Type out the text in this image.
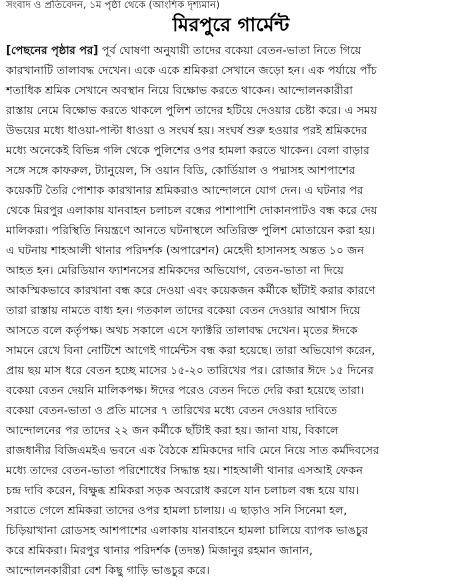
সংবাদ ও প্রতিবেদন, ১ম পৃষ্ঠা থেকে (আংশিক দৃশ্যমান)
মিরপুরে গার্মেন্ট
[পেছনের পৃষ্ঠার পর] পূর্ব ঘোষণা অনুযায়ী তাদের বকেয়া বেতন-ভাতা নিতে গিয়ে
কারখানাটি তালাবদ্ধ দেখেন। একে একে শ্রমিকরা সেখানে জড়ো হন। এক পর্যায়ে পাঁচ
শতাধিক শ্রমিক সেখানে অবস্থান নিয়ে বিক্ষোভ করতে থাকেন। আন্দোলনকারীরা
রাস্তায় নেমে বিক্ষোভ করতে থাকলে পুলিশ তাদের হটিয়ে দেওয়ার চেষ্টা করে। এ সময়
উভয়ের মধ্যে ধাওয়া-পাল্টা ধাওয়া ও সংঘর্ষ হয়। সংঘর্ষ শুরু হওয়ার পরই শ্রমিকদের
মধ্যে অনেকেই বিভিন্ন গলি থেকে পুলিশের ওপর হামলা করতে থাকেন। বেলা বাড়ার
সঙ্গে সঙ্গে কাফরুল, ট্যানুয়েল, সি ওয়ান বিডি, কোর্ডিয়াল ও পদ্মাসহ আশপাশের
কয়েকটি তৈরি পোশাক কারখানার শ্রমিকরাও আন্দোলনে যোগ দেন। এ ঘটনার পর
থেকে মিরপুর এলাকায় যানবাহন চলাচল বন্ধের পাশাপাশি দোকানপাটও বন্ধ করে দেয়
মালিকরা। পরিস্থিতি নিয়ন্ত্রণে আনতে ঘটনাস্থলে অতিরিক্ত পুলিশ মোতায়েন করা হয়।
এ ঘটনায় শাহআলী থানার পরিদর্শক (অপারেশন) মেহেদী হাসানসহ অন্তত ১০ জন
আহত হন। মেরিডিয়ান ফ্যাশনসের শ্রমিকদের অভিযোগ, বেতন-ভাতা না দিয়ে
আকস্মিকভাবে কারখানা বন্ধ করে দেওয়া এবং কয়েকজন কর্মীকে ছাঁটাই করার কারণে
তারা রাস্তায় নামতে বাধ্য হন। গতকাল তাদের বকেয়া বেতন দেওয়ার আশ্বাস দিয়ে
আসতে বলে কর্তৃপক্ষ। অথচ সকালে এসে ফ্যাক্টরি তালাবদ্ধ দেখেন। মৃতের ঈদকে
সামনে রেখে বিনা নোটিশে আগেই গার্মেন্টস বন্ধ করা হয়েছে। তারা অভিযোগ করেন,
প্রায় ছয় মাস ধরে বেতন হচ্ছে মাসের ১৫-২০ তারিখের পর। রোজার ঈদে ১৫ দিনের
বকেয়া বেতন দেয়নি মালিকপক্ষ। ঈদের পরেও বেতন দিতে দেরি করা হয়েছে তারা।
বকেয়া বেতন-ভাতা ও প্রতি মাসের ৭ তারিখের মধ্যে বেতন দেওয়ার দাবিতে
আন্দোলনের পর তাদের ২২ জন কর্মীকে ছাঁটাই করা হয়। জানা যায়, বিকালে
রাজধানীর বিজিএমইএ ভবনে এক বৈঠকে শ্রমিকদের দাবি মেনে নিয়ে সাত কর্মদিবসের
মধ্যে তাদের বেতন-ভাতা পরিশোধের সিদ্ধান্ত হয়। শাহআলী থানার এসআই ফেকন
চন্দ্র দাবি করেন, বিক্ষুব্ধ শ্রমিকরা সড়ক অবরোধ করলে যান চলাচল বন্ধ হয়ে যায়।
সরাতে গেলে শ্রমিকরা তাদের ওপর হামলা চালায়। এ ছাড়াও সনি সিনেমা হল,
চিড়িয়াখানা রোডসহ আশপাশের এলাকায় যানবাহনে হামলা চালিয়ে ব্যাপক ভাঙচুর
করে শ্রমিকরা। মিরপুর থানার পরিদর্শক (তদন্ত) মিজানুর রহমান জানান,
আন্দোলনকারীরা বেশ কিছু গাড়ি ভাঙচুর করে।
